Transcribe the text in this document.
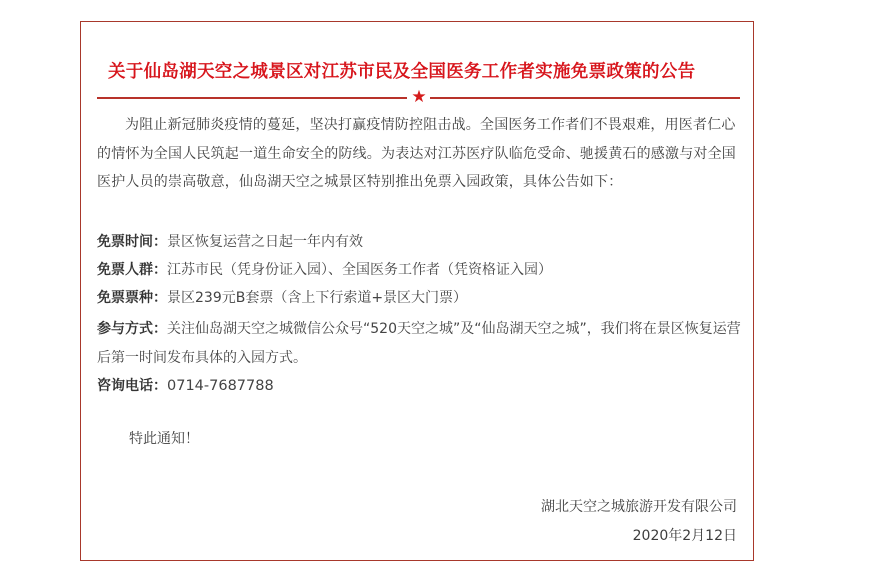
关于仙岛湖天空之城景区对江苏市民及全国医务工作者实施免票政策的公告
★
为阻止新冠肺炎疫情的蔓延，坚决打赢疫情防控阻击战。全国医务工作者们不畏艰难，用医者仁心的情怀为全国人民筑起一道生命安全的防线。为表达对江苏医疗队临危受命、驰援黄石的感激与对全国医护人员的崇高敬意，仙岛湖天空之城景区特别推出免票入园政策，具体公告如下：
免票时间：景区恢复运营之日起一年内有效
免票人群：江苏市民（凭身份证入园）、全国医务工作者（凭资格证入园）
免票票种：景区239元B套票（含上下行索道+景区大门票）
参与方式：关注仙岛湖天空之城微信公众号“520天空之城”及“仙岛湖天空之城”，我们将在景区恢复运营后第一时间发布具体的入园方式。
咨询电话：0714-7687788
特此通知！
湖北天空之城旅游开发有限公司
2020年2月12日
